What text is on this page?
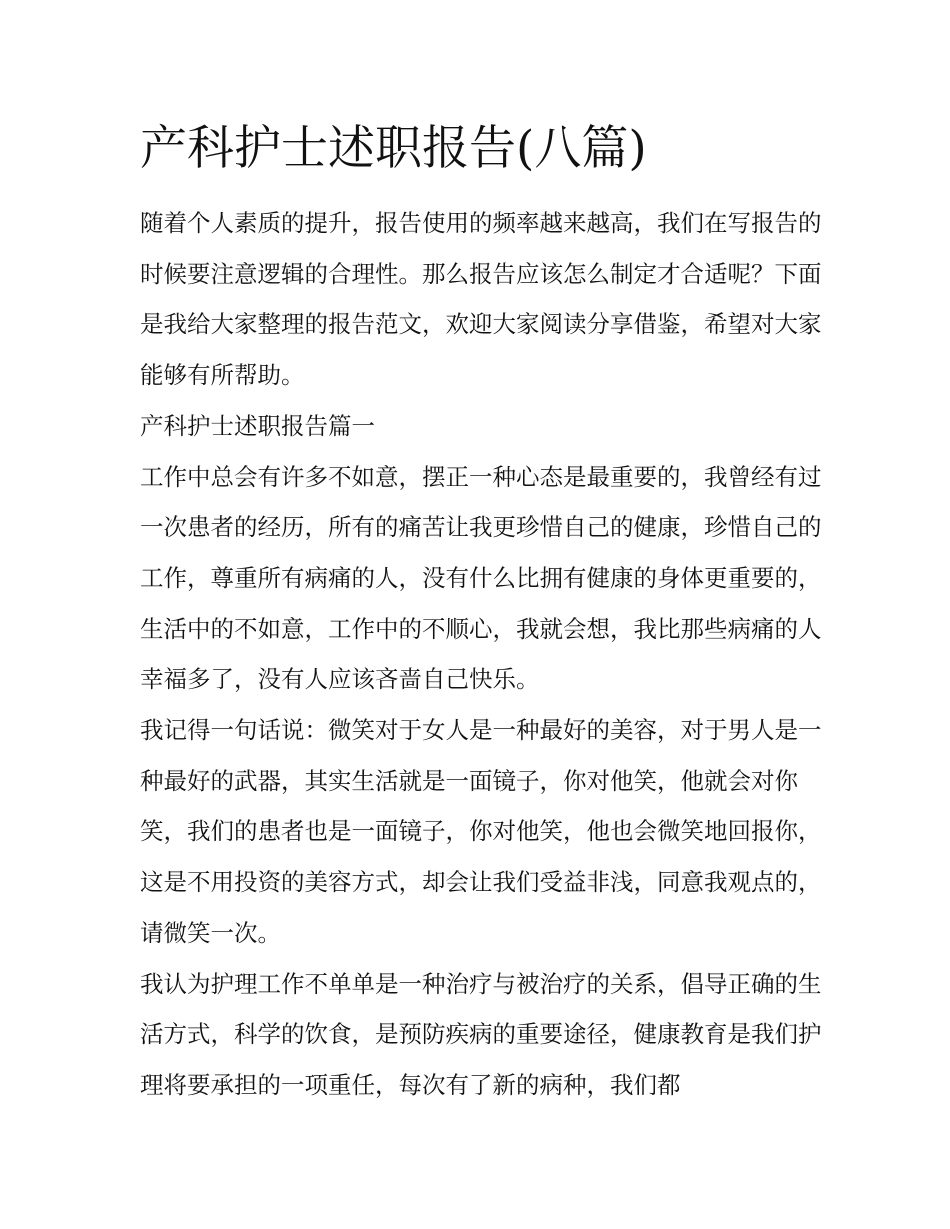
产科护士述职报告(八篇)

随着个人素质的提升，报告使用的频率越来越高，我们在写报告的时候要注意逻辑的合理性。那么报告应该怎么制定才合适呢？下面是我给大家整理的报告范文，欢迎大家阅读分享借鉴，希望对大家能够有所帮助。

产科护士述职报告篇一

工作中总会有许多不如意，摆正一种心态是最重要的，我曾经有过一次患者的经历，所有的痛苦让我更珍惜自己的健康，珍惜自己的工作，尊重所有病痛的人，没有什么比拥有健康的身体更重要的，生活中的不如意，工作中的不顺心，我就会想，我比那些病痛的人幸福多了，没有人应该吝啬自己快乐。

我记得一句话说：微笑对于女人是一种最好的美容，对于男人是一种最好的武器，其实生活就是一面镜子，你对他笑，他就会对你笑，我们的患者也是一面镜子，你对他笑，他也会微笑地回报你，这是不用投资的美容方式，却会让我们受益非浅，同意我观点的，请微笑一次。

我认为护理工作不单单是一种治疗与被治疗的关系，倡导正确的生活方式，科学的饮食，是预防疾病的重要途径，健康教育是我们护理将要承担的一项重任，每次有了新的病种，我们都
